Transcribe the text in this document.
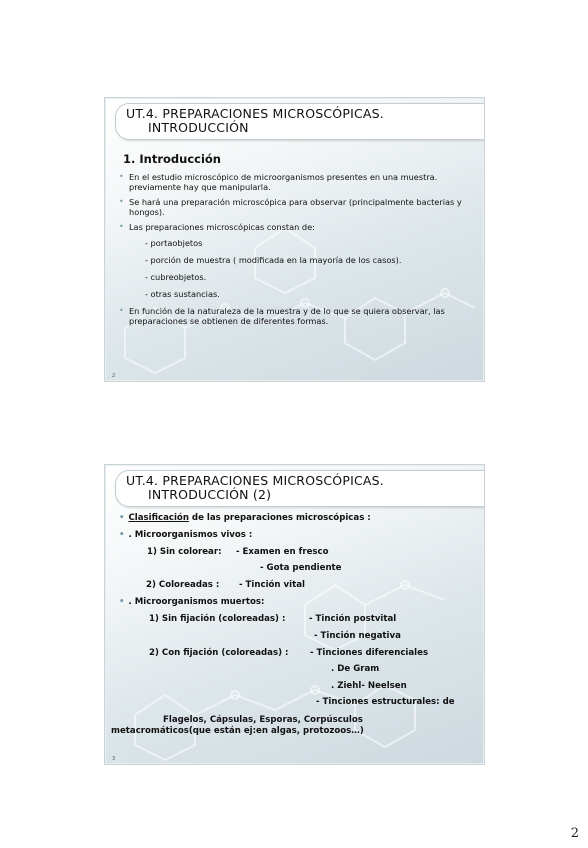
UT.4. PREPARACIONES MICROSCÓPICAS.
INTRODUCCIÓN
1. Introducción
• En el estudio microscópico de microorganismos presentes en una muestra. previamente hay que manipularla.
• Se hará una preparación microscópica para observar (principalmente bacterias y hongos).
• Las preparaciones microscópicas constan de:
- portaobjetos
- porción de muestra ( modificada en la mayoría de los casos).
- cubreobjetos.
- otras sustancias.
• En función de la naturaleza de la muestra y de lo que se quiera observar, las preparaciones se obtienen de diferentes formas.
2
UT.4. PREPARACIONES MICROSCÓPICAS.
INTRODUCCIÓN (2)
• Clasificación de las preparaciones microscópicas :
• . Microorganismos vivos :
1) Sin colorear: - Examen en fresco
- Gota pendiente
2) Coloreadas : - Tinción vital
• . Microorganismos muertos:
1) Sin fijación (coloreadas) :	- Tinción postvital
- Tinción negativa
2) Con fijación (coloreadas) :	- Tinciones diferenciales
. De Gram
. Ziehl- Neelsen
- Tinciones estructurales: de
Flagelos, Cápsulas, Esporas, Corpúsculos
metacromáticos(que están ej:en algas, protozoos…)
3
2
